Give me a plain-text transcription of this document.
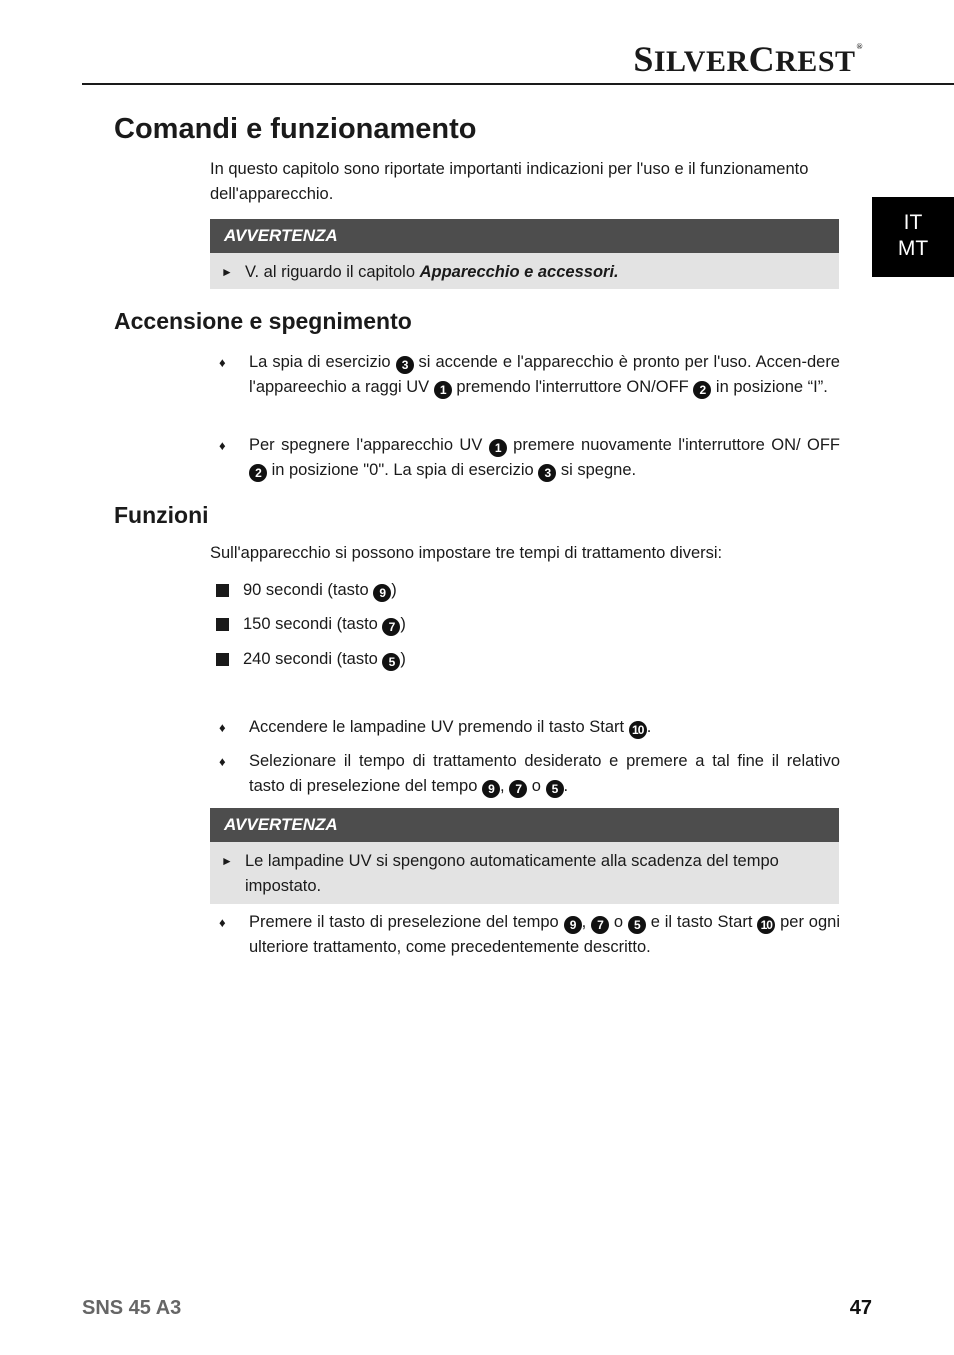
SILVERCREST®
IT
MT
Comandi e funzionamento
In questo capitolo sono riportate importanti indicazioni per l'uso e il funzionamento dell'apparecchio.
AVVERTENZA
► V. al riguardo il capitolo Apparecchio e accessori.
Accensione e spegnimento
♦ La spia di esercizio 3 si accende e l'apparecchio è pronto per l'uso. Accen-dere l'appareechio a raggi UV 1 premendo l'interruttore ON/OFF 2 in posizione “I”.
♦ Per spegnere l'apparecchio UV 1 premere nuovamente l'interruttore ON/ OFF 2 in posizione "0". La spia di esercizio 3 si spegne.
Funzioni
Sull'apparecchio si possono impostare tre tempi di trattamento diversi:
90 secondi (tasto 9 )
150 secondi (tasto 7 )
240 secondi (tasto 5 )
♦ Accendere le lampadine UV premendo il tasto Start 10 .
♦ Selezionare il tempo di trattamento desiderato e premere a tal fine il relativo tasto di preselezione del tempo 9 , 7 o 5 .
AVVERTENZA
► Le lampadine UV si spengono automaticamente alla scadenza del tempo impostato.
♦ Premere il tasto di preselezione del tempo 9 , 7 o 5 e il tasto Start 10 per ogni ulteriore trattamento, come precedentemente descritto.
SNS 45 A3	47
